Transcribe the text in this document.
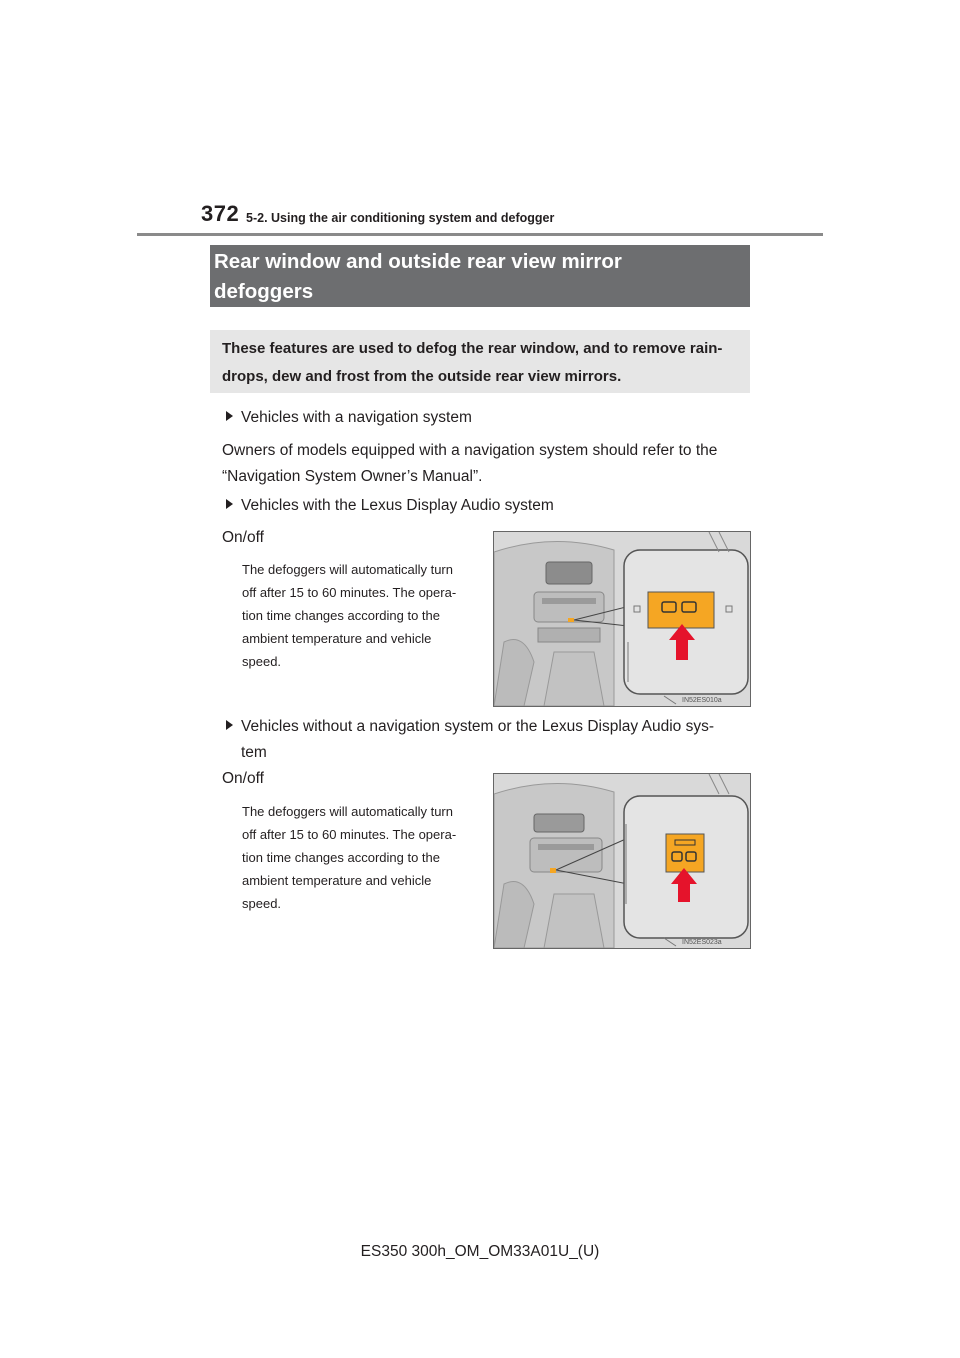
372 5-2. Using the air conditioning system and defogger
Rear window and outside rear view mirror
defoggers
These features are used to defog the rear window, and to remove rain-
drops, dew and frost from the outside rear view mirrors.
Vehicles with a navigation system
Owners of models equipped with a navigation system should refer to the
“Navigation System Owner’s Manual”.
Vehicles with the Lexus Display Audio system
On/off
The defoggers will automatically turn
off after 15 to 60 minutes. The opera-
tion time changes according to the
ambient temperature and vehicle
speed.
IN52ES010a
Vehicles without a navigation system or the Lexus Display Audio sys-
tem
On/off
The defoggers will automatically turn
off after 15 to 60 minutes. The opera-
tion time changes according to the
ambient temperature and vehicle
speed.
IN52ES023a
ES350 300h_OM_OM33A01U_(U)
